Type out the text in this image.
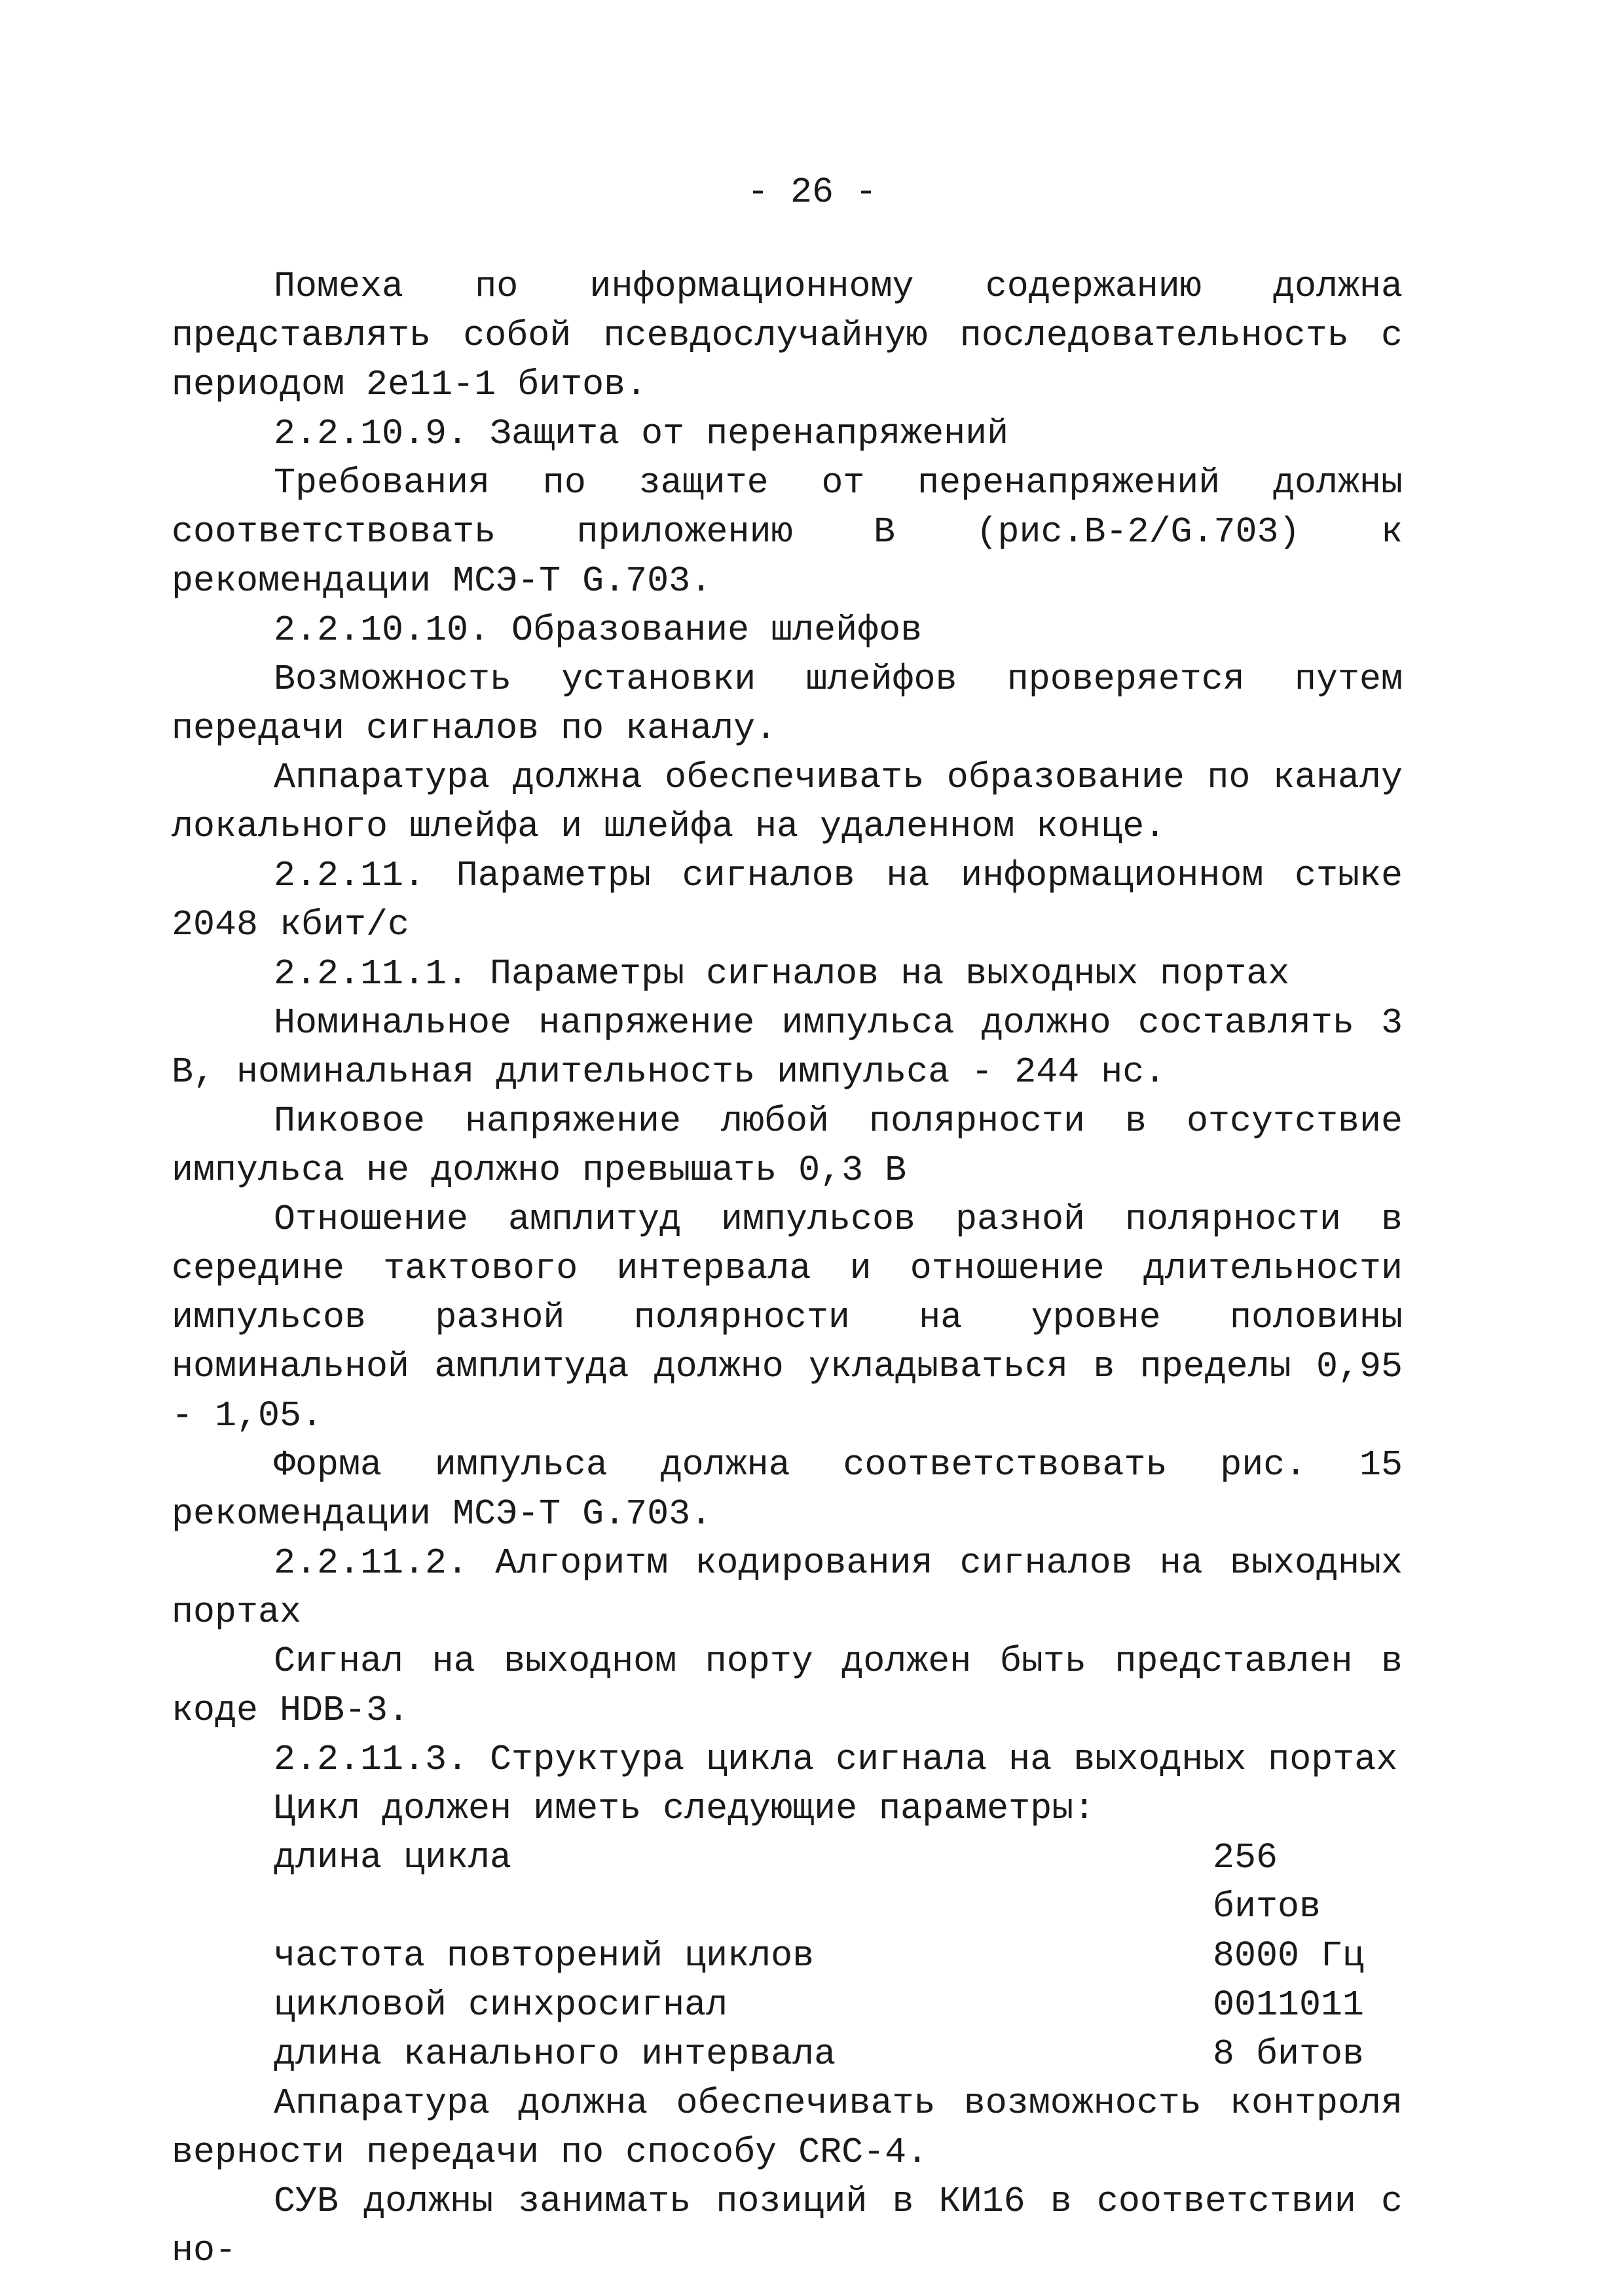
- 26 -

Помеха по информационному содержанию должна представлять собой псевдослучайную последовательность с периодом 2е11-1 битов.

2.2.10.9. Защита от перенапряжений

Требования по защите от перенапряжений должны соответствовать приложению В (рис.В-2/G.703) к рекомендации МСЭ-Т G.703.

2.2.10.10. Образование шлейфов

Возможность установки шлейфов проверяется путем передачи сигналов по каналу.

Аппаратура должна обеспечивать образование по каналу локального шлейфа и шлейфа на удаленном конце.

2.2.11. Параметры сигналов на информационном стыке 2048 кбит/с

2.2.11.1. Параметры сигналов на выходных портах

Номинальное напряжение импульса должно составлять 3 В, номинальная длительность импульса - 244 нс.

Пиковое напряжение любой полярности в отсутствие импульса не должно превышать 0,3 В

Отношение амплитуд импульсов разной полярности в середине тактового интервала и отношение длительности импульсов разной полярности на уровне половины номинальной амплитуда должно укладываться в пределы 0,95 - 1,05.

Форма импульса должна соответствовать рис. 15 рекомендации МСЭ-Т G.703.

2.2.11.2. Алгоритм кодирования сигналов на выходных портах

Сигнал на выходном порту должен быть представлен в коде HDB-3.

2.2.11.3. Структура цикла сигнала на выходных портах

Цикл должен иметь следующие параметры:

длина цикла	256 битов
частота повторений циклов	8000 Гц
цикловой синхросигнал	0011011
длина канального интервала	8 битов

Аппаратура должна обеспечивать возможность контроля верности передачи по способу CRC-4.

СУВ должны занимать позиций в КИ16 в соответствии с но-
